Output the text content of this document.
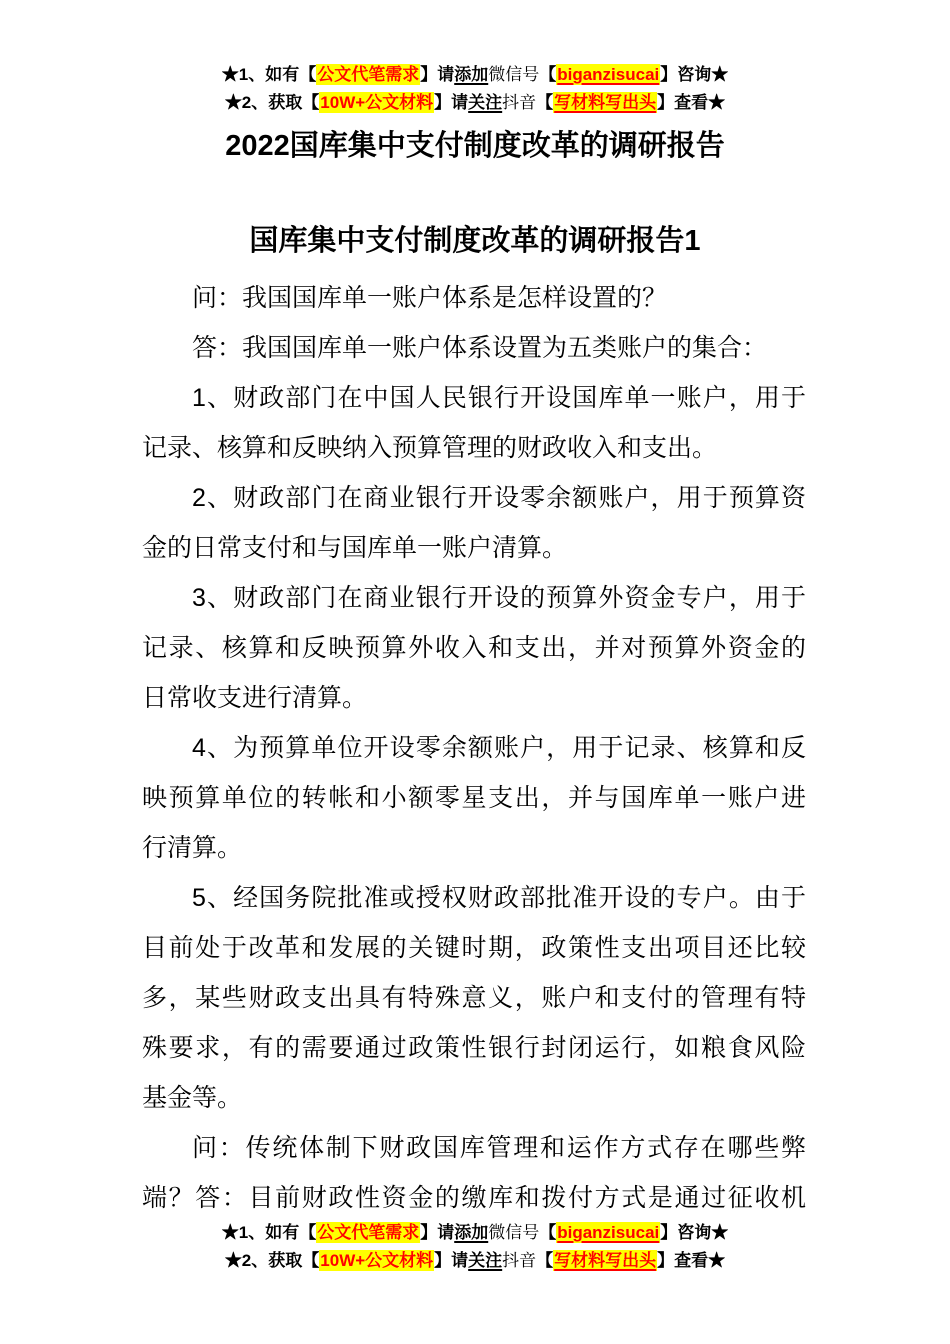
★1、如有【公文代笔需求】请添加微信号【biganzisucai】咨询★
★2、获取【10W+公文材料】请关注抖音【写材料写出头】查看★
2022国库集中支付制度改革的调研报告
国库集中支付制度改革的调研报告1

问：我国国库单一账户体系是怎样设置的？

答：我国国库单一账户体系设置为五类账户的集合：

1、财政部门在中国人民银行开设国库单一账户，用于
记录、核算和反映纳入预算管理的财政收入和支出。

2、财政部门在商业银行开设零余额账户，用于预算资
金的日常支付和与国库单一账户清算。

3、财政部门在商业银行开设的预算外资金专户，用于
记录、核算和反映预算外收入和支出，并对预算外资金的
日常收支进行清算。

4、为预算单位开设零余额账户，用于记录、核算和反
映预算单位的转帐和小额零星支出，并与国库单一账户进
行清算。

5、经国务院批准或授权财政部批准开设的专户。由于
目前处于改革和发展的关键时期，政策性支出项目还比较
多，某些财政支出具有特殊意义，账户和支付的管理有特
殊要求，有的需要通过政策性银行封闭运行，如粮食风险
基金等。

问：传统体制下财政国库管理和运作方式存在哪些弊
端？答：目前财政性资金的缴库和拨付方式是通过征收机

★1、如有【公文代笔需求】请添加微信号【biganzisucai】咨询★
★2、获取【10W+公文材料】请关注抖音【写材料写出头】查看★
